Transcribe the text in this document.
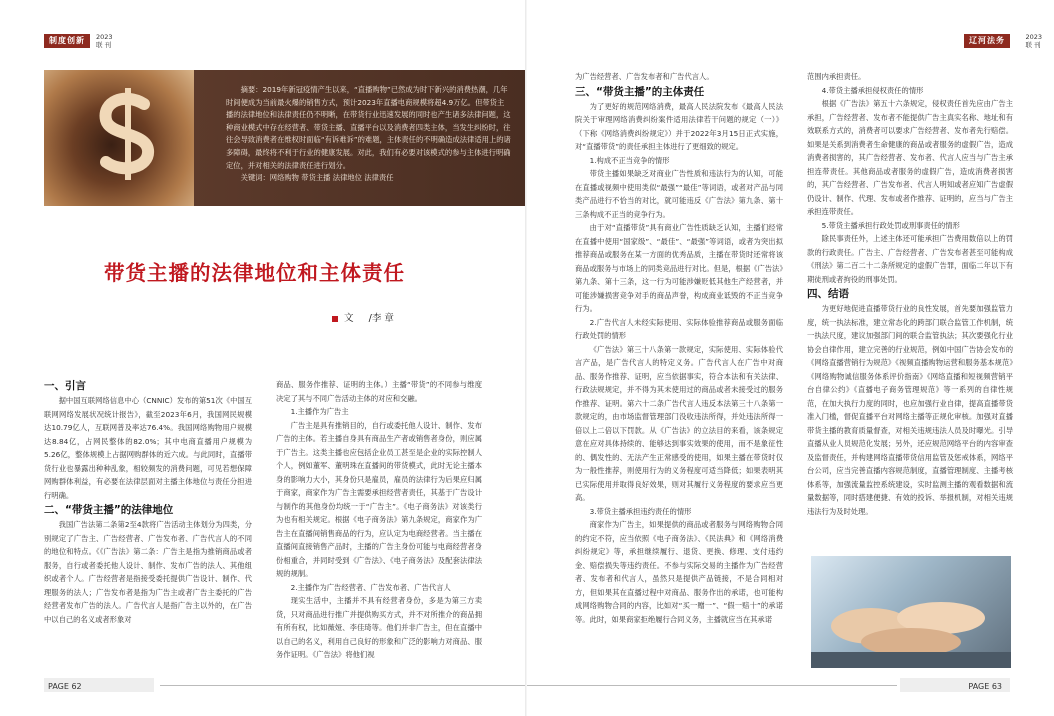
制度创新	2023
联 刊
摘要：2019年新冠疫情产生以来，“直播购物”已然成为时下新兴的消费热潮，几年时间便成为当前最火爆的销售方式，预计2023年直播电商规模将超4.9万亿。但带货主播的法律地位和法律责任仍不明晰，在带货行业迅速发展的同时也产生诸多法律问题，这种商业模式中存在经营者、带货主播、直播平台以及消费者四类主体，当发生纠纷时，往往会导致消费者在维权时面临“有诉难诉”的难题，主体责任的不明确造成法律适用上的诸多障碍，最终将不利于行业的健康发展。对此，我们有必要对该模式的参与主体进行明确定位，并对相关的法律责任进行划分。
关键词：网络购物 带货主播 法律地位 法律责任
带货主播的法律地位和主体责任
文 /李 章

一、引言

据中国互联网络信息中心（CNNIC）发布的第51次《中国互联网网络发展状况统计报告》，截至2023年6月，我国网民规模达10.79亿人，互联网普及率达76.4%。我国网络购物用户规模达8.84亿，占网民整体的82.0%；其中电商直播用户规模为5.26亿，整体规模上占据网购群体的近六成。与此同时，直播带货行业也暴露出种种乱象，相较频发的消费问题，可见若想保障网购群体利益，有必要在法律层面对主播主体地位与责任分担进行明确。

二、“带货主播”的法律地位

我国广告法第二条第2至4款将广告活动主体划分为四类，分别规定了广告主、广告经营者、广告发布者、广告代言人的不同的地位和特点。《《广告法》第二条：广告主是指为推销商品或者服务，自行或者委托他人设计、制作、发布广告的法人、其他组织或者个人。广告经营者是指接受委托提供广告设计、制作、代理服务的法人；广告发布者是指为广告主或者广告主委托的广告经营者发布广告的法人。广告代言人是指广告主以外的，在广告中以自己的名义或者形象对

商品、服务作推荐、证明的主体。）主播“带货”的不同参与维度决定了其与不同广告活动主体的对应和交融。

1.主播作为广告主

广告主是具有推销目的，自行或委托他人设计、制作、发布广告的主体。若主播自身具有商品生产者或销售者身份，则应属于广告主。这类主播也应包括企业员工甚至是企业的实际控制人个人，例如董军、董明珠在直播间的带货模式，此时无论主播本身的影响力大小，其身份只是雇员，雇员的法律行为后果应归属于商家，商家作为广告主需要承担经营者责任，其基于广告设计与制作的其他身份均统一于“广告主”。《电子商务法》对该类行为也有相关规定。根据《电子商务法》第九条规定，商家作为广告主在直播间销售商品的行为，应认定为电商经营者。当主播在直播间直接销售产品时，主播的广告主身份可能与电商经营者身份相重合，并同时受到《广告法》、《电子商务法》及配套法律法规的规制。

2.主播作为广告经营者、广告发布者、广告代言人

现实生活中，主播并不具有经营者身份，多是为第三方卖货，只对商品进行推广并提供购买方式，并不对所推介的商品拥有所有权，比如薇娅、李佳琦等。他们并非广告主，但在直播中以自己的名义，利用自己良好的形象和广泛的影响力对商品、服务作证明。《广告法》将他们视

PAGE 62
2023
联 刊
辽河法务

为广告经营者、广告发布者和广告代言人。

三、“带货主播”的主体责任

为了更好的规范网络消费，最高人民法院发布《最高人民法院关于审理网络消费纠纷案件适用法律若干问题的规定（一）》（下称《网络消费纠纷规定》）并于2022年3月15日正式实施，对“直播带货”的责任承担主体进行了更细致的规定。

1.构成不正当竞争的情形

带货主播如果缺乏对商业广告性质和违法行为的认知，可能在直播或视频中使用类似“最强”“最佳”等词语，或者对产品与同类产品进行不恰当的对比，就可能违反《广告法》第九条、第十三条构成不正当的竞争行为。

由于对“直播带货”具有商业广告性质缺乏认知，主播们经常在直播中使用“国家级”、“最佳”、“最强”等词语，或者为突出拟推荐商品或服务在某一方面的优秀品质，主播在带货时还常将该商品或服务与市场上的同类竞品进行对比。但是，根据《广告法》第九条、第十三条，这一行为可能涉嫌贬低其他生产经营者，并可能涉嫌损害竞争对手的商品声誉，构成商业诋毁的不正当竞争行为。

2.广告代言人未经实际使用、实际体验推荐商品或服务面临行政处罚的情形

《广告法》第三十八条第一款规定，实际使用、实际体验代言产品，是广告代言人的特定义务。广告代言人在广告中对商品、服务作推荐、证明，应当依据事实，符合本法和有关法律、行政法规规定，并不得为其未使用过的商品或者未接受过的服务作推荐、证明。第六十二条广告代言人违反本法第三十八条第一款规定的，由市场监督管理部门没收违法所得，并处违法所得一倍以上二倍以下罚款。从《广告法》的立法目的来看，该条规定意在应对具体持续的、能够达到事实效果的使用，而不是象征性的、偶发性的、无法产生正常感受的使用，如果主播在带货时仅为一般性推荐，则使用行为的义务程度可适当降低；如果表明其已实际使用并取得良好效果，则对其履行义务程度的要求应当更高。

3.带货主播承担违约责任的情形

商家作为广告主，如果提供的商品或者服务与网络购物合同的约定不符，应当依照《电子商务法》、《民法典》和《网络消费纠纷规定》等，承担继续履行、退货、更换、修理、支付违约金、赔偿损失等违约责任。不参与实际交易的主播作为广告经营者、发布者和代言人，虽然只是提供产品链接，不是合同相对方，但如果其在直播过程中对商品、服务作出的承诺，也可能构成网络购物合同的内容，比如对“买一赠一”、“假一赔十”的承诺等。此时，如果商家拒绝履行合同义务，主播就应当在其承诺

范围内承担责任。

4.带货主播承担侵权责任的情形

根据《广告法》第五十六条规定，侵权责任首先应由广告主承担，广告经营者、发布者不能提供广告主真实名称、地址和有效联系方式的，消费者可以要求广告经营者、发布者先行赔偿。如果是关系到消费者生命健康的商品或者服务的虚假广告，造成消费者损害的，其广告经营者、发布者、代言人应当与广告主承担连带责任。其他商品或者服务的虚假广告，造成消费者损害的，其广告经营者、广告发布者、代言人明知或者应知广告虚假仍设计、制作、代理、发布或者作推荐、证明的，应当与广告主承担连带责任。

5.带货主播承担行政处罚或刑事责任的情形

除民事责任外，上述主体还可能承担广告费用数倍以上的罚款的行政责任。广告主、广告经营者、广告发布者甚至可能构成《刑法》第二百二十二条所规定的虚假广告罪，面临二年以下有期徒刑或者拘役的刑事处罚。

四、结语

为更好地促进直播带货行业的良性发展，首先要加强监管力度，统一执法标准，建立常态化的跨部门联合监管工作机制，统一执法尺度，建议加强部门间的联合监管执法；其次要强化行业协会自律作用，建立完善的行业规范，例如中国广告协会发布的《网络直播营销行为规范》《视频直播购物运营和服务基本规范》《网络购物诚信服务体系评价指南》《网络直播和短视频营销平台自律公约》《直播电子商务管理规范》等一系列的自律性规范，在加大执行力度的同时，也应加强行业自律，提高直播带货准入门槛，督促直播平台对网络主播等正规化审核。加强对直播带货主播的教育质量督查，对相关违规违法人员及时曝光。引导直播从业人员规范化发展；另外，还应规范网络平台的内容审查及监督责任，并构建网络直播带货信用监管及惩戒体系，网络平台公司，应当完善直播内容规范制度，直播管理制度、主播考核体系等，加强流量监控系统建设，实时监测主播的观看数据和流量数据等，同时搭建便捷、有效的投诉、举报机制，对相关违规违法行为及时处理。

PAGE 63
